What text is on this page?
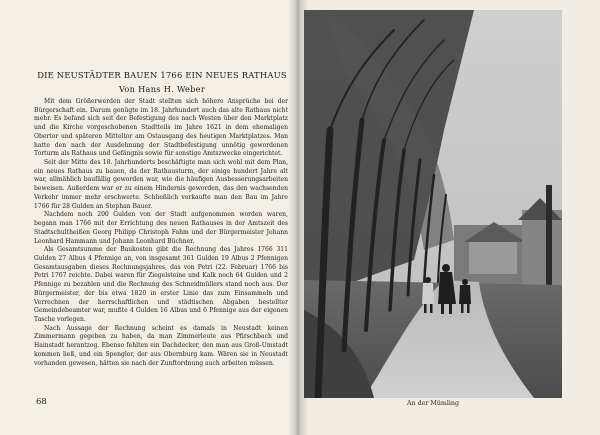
DIE NEUSTÄDTER BAUEN 1766 EIN NEUES RATHAUS
Von Hans H. Weber

Mit dem Größerwerden der Stadt stellten sich höhere Ansprüche bei der Bürgerschaft ein. Darum genügte im 18. Jahrhundert auch das alte Rathaus nicht mehr. Es befand sich seit der Befestigung des nach Westen über den Marktplatz und die Kirche vorgeschobenen Stadtteils im Jahre 1621 in dem ehemaligen Obertor und späteren Mitteltor am Ostausgang des heutigen Marktplatzes. Man hatte den nach der Ausdehnung der Stadtbefestigung unnötig gewordenen Torturm als Rathaus und Gefängnis sowie für sonstige Amtszwecke eingerichtet.

Seit der Mitte des 18. Jahrhunderts beschäftigte man sich wohl mit dem Plan, ein neues Rathaus zu bauen, da der Rathausturm, der einige hundert Jahre alt war, allmählich baufällig geworden war, wie die häufigen Ausbesserungsarbeiten beweisen. Außerdem war er zu einem Hindernis geworden, das den wachsenden Verkehr immer mehr erschwerte. Schließlich verkaufte man den Bau im Jahre 1766 für 28 Gulden an Stephan Bauer.

Nachdem noch 200 Gulden von der Stadt aufgenommen worden waren, begann man 1766 mit der Errichtung des neuen Rathauses in der Amtszeit des Stadtschultheißen Georg Philipp Christoph Fahm und der Bürgermeister Johann Leonhard Hammann und Johann Leonhard Büchner.

Als Gesamtsumme der Baukosten gibt die Rechnung des Jahres 1766 311 Gulden 27 Albus 4 Pfennige an, von insgesamt 361 Gulden 19 Albus 2 Pfennigen Gesamtausgaben dieses Rechnungsjahres, das von Petri (22. Februar) 1766 bis Petri 1767 reichte. Dabei waren für Ziegelsteine und Kalk noch 64 Gulden und 2 Pfennige zu bezahlen und die Rechnung des Schneidmüllers stand noch aus. Der Bürgermeister, der bis etwa 1820 in erster Linie das zum Einsammeln und Verrechnen der herrschaftlichen und städtischen Abgaben bestellter Gemeindebeamter war, mußte 4 Gulden 16 Albus und 6 Pfennige aus der eigenen Tasche vorlegen.

Nach Aussage der Rechnung scheint es damals in Neustadt keinen Zimmermann gegeben zu haben, da man Zimmerleute aus Pfirschbach und Hainstadt herantzog. Ebenso fehlten ein Dachdecker, den man aus Groß-Umstadt kommen ließ, und ein Spengler, der aus Obernburg kam. Wären sie in Neustadt vorhanden gewesen, hätten sie nach der Zunftordnung auch arbeiten müssen.

68	An der Mümling
